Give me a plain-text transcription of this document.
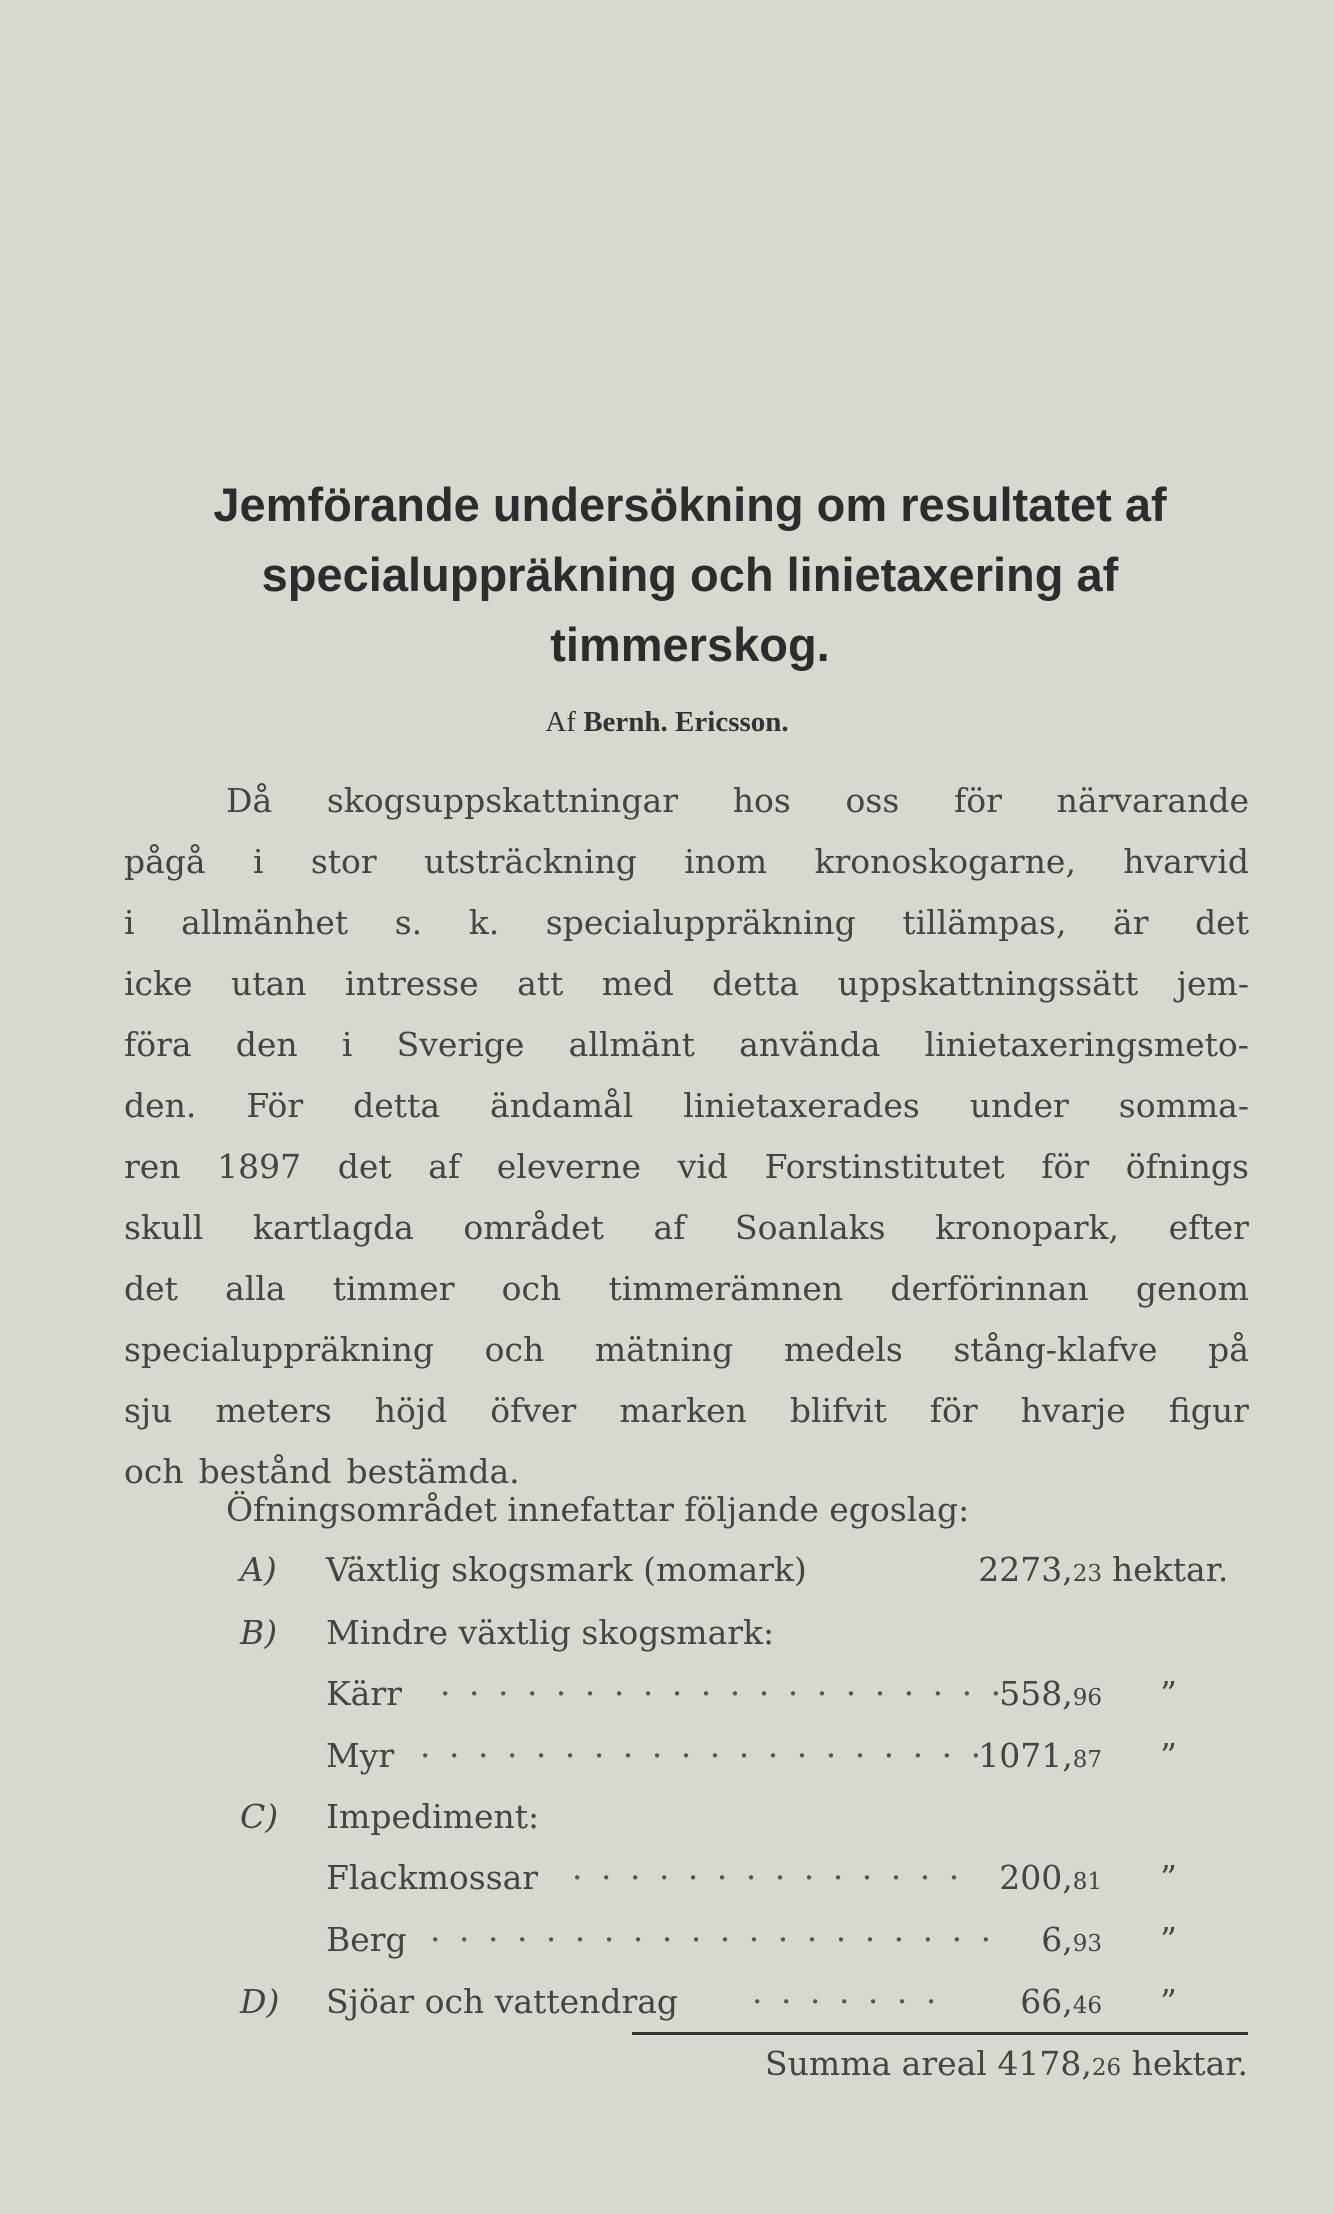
Jemförande undersökning om resultatet af
specialuppräkning och linietaxering af
timmerskog.
Af Bernh. Ericsson.
Då skogsuppskattningar hos oss för närvarande
pågå i stor utsträckning inom kronoskogarne, hvarvid
i allmänhet s. k. specialuppräkning tillämpas, är det
icke utan intresse att med detta uppskattningssätt jem-
föra den i Sverige allmänt använda linietaxeringsmeto-
den. För detta ändamål linietaxerades under somma-
ren 1897 det af eleverne vid Forstinstitutet för öfnings
skull kartlagda området af Soanlaks kronopark, efter
det alla timmer och timmerämnen derförinnan genom
specialuppräkning och mätning medels stång-klafve på
sju meters höjd öfver marken blifvit för hvarje figur
och bestånd bestämda.
Öfningsområdet innefattar följande egoslag:
A) Växtlig skogsmark (momark)	2273,23 hektar.
B) Mindre växtlig skogsmark:
Kärr · · · · · · · · · · · · · · · · · · · ·
558,96 ”
Myr · · · · · · · · · · · · · · · · · · · ·
1071,87 ”
C) Impediment:
Flackmossar · · · · · · · · · · · · · · 200,81 ”
Berg · · · · · · · · · · · · · · · · · · · · 6,93 ”
D) Sjöar och vattendrag · · · · · · · 66,46 ”
Summa areal 4178,26 hektar.
